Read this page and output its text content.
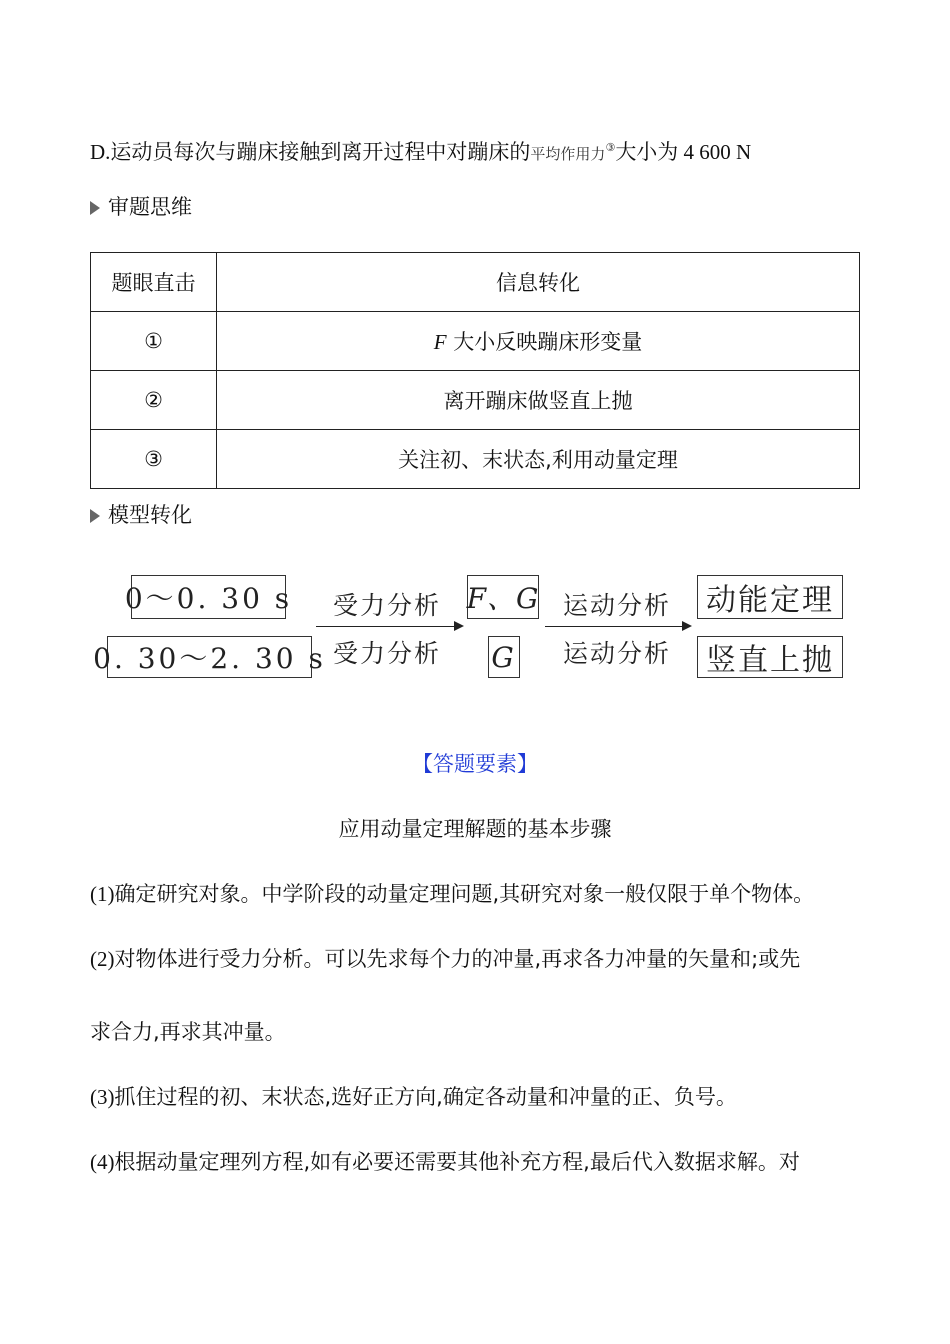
D.运动员每次与蹦床接触到离开过程中对蹦床的平均作用力③大小为 4 600 N
审题思维
题眼直击	信息转化
①	F 大小反映蹦床形变量
②	离开蹦床做竖直上抛
③	关注初、末状态,利用动量定理
模型转化
0～0. 30 s
0. 30～2. 30 s
受力分析
受力分析
F、G
G
运动分析
运动分析
动能定理
竖直上抛
【答题要素】
应用动量定理解题的基本步骤
(1)确定研究对象。中学阶段的动量定理问题,其研究对象一般仅限于单个物体。
(2)对物体进行受力分析。可以先求每个力的冲量,再求各力冲量的矢量和;或先
求合力,再求其冲量。
(3)抓住过程的初、末状态,选好正方向,确定各动量和冲量的正、负号。
(4)根据动量定理列方程,如有必要还需要其他补充方程,最后代入数据求解。对
